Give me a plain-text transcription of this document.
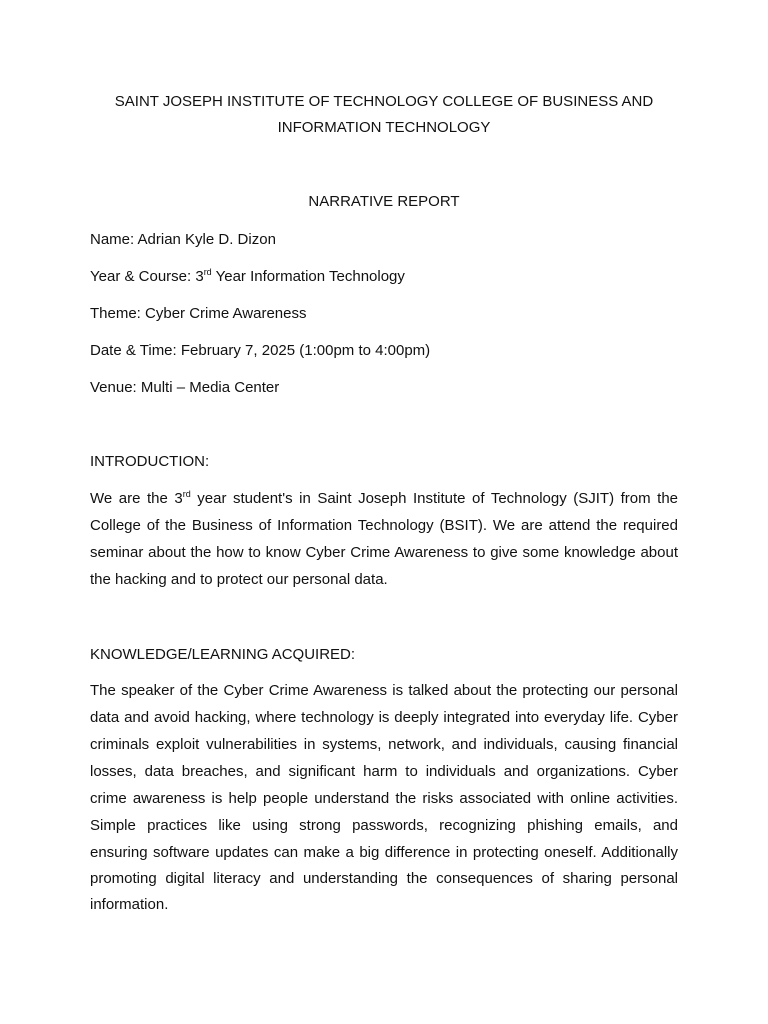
SAINT JOSEPH INSTITUTE OF TECHNOLOGY COLLEGE OF BUSINESS AND
INFORMATION TECHNOLOGY
NARRATIVE REPORT
Name: Adrian Kyle D. Dizon
Year & Course: 3rd Year Information Technology
Theme: Cyber Crime Awareness
Date & Time: February 7, 2025 (1:00pm to 4:00pm)
Venue: Multi – Media Center
INTRODUCTION:
We are the 3rd year student's in Saint Joseph Institute of Technology (SJIT) from the
College of the Business of Information Technology (BSIT). We are attend the required
seminar about the how to know Cyber Crime Awareness to give some knowledge about
the hacking and to protect our personal data.
KNOWLEDGE/LEARNING ACQUIRED:
The speaker of the Cyber Crime Awareness is talked about the protecting our personal
data and avoid hacking, where technology is deeply integrated into everyday life. Cyber
criminals exploit vulnerabilities in systems, network, and individuals, causing financial
losses, data breaches, and significant harm to individuals and organizations. Cyber
crime awareness is help people understand the risks associated with online activities.
Simple practices like using strong passwords, recognizing phishing emails, and
ensuring software updates can make a big difference in protecting oneself. Additionally
promoting digital literacy and understanding the consequences of sharing personal
information.
